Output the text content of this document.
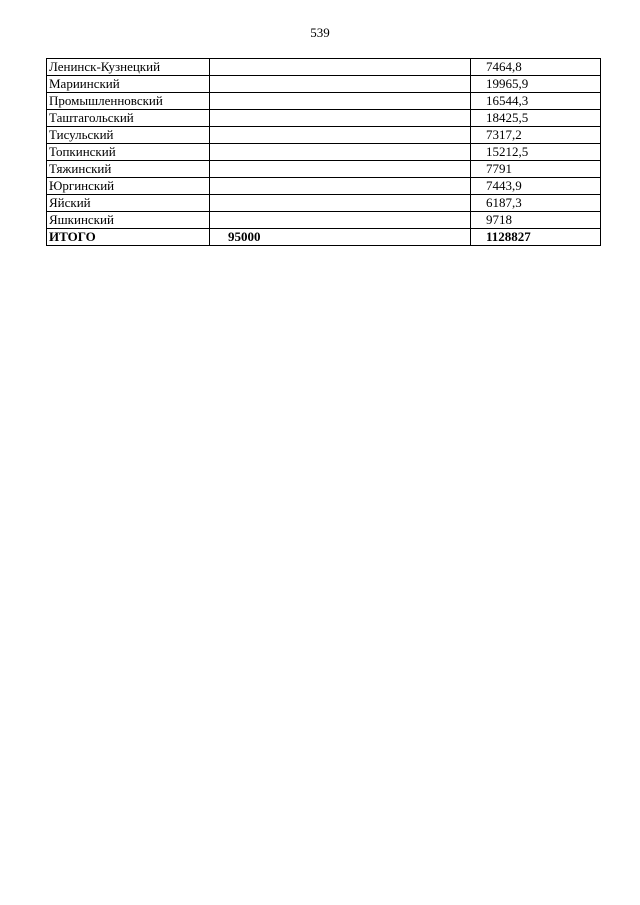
539
Ленинск-Кузнецкий		7464,8
Мариинский		19965,9
Промышленновский		16544,3
Таштагольский		18425,5
Тисульский		7317,2
Топкинский		15212,5
Тяжинский		7791
Юргинский		7443,9
Яйский		6187,3
Яшкинский		9718
ИТОГО	95000	1128827
